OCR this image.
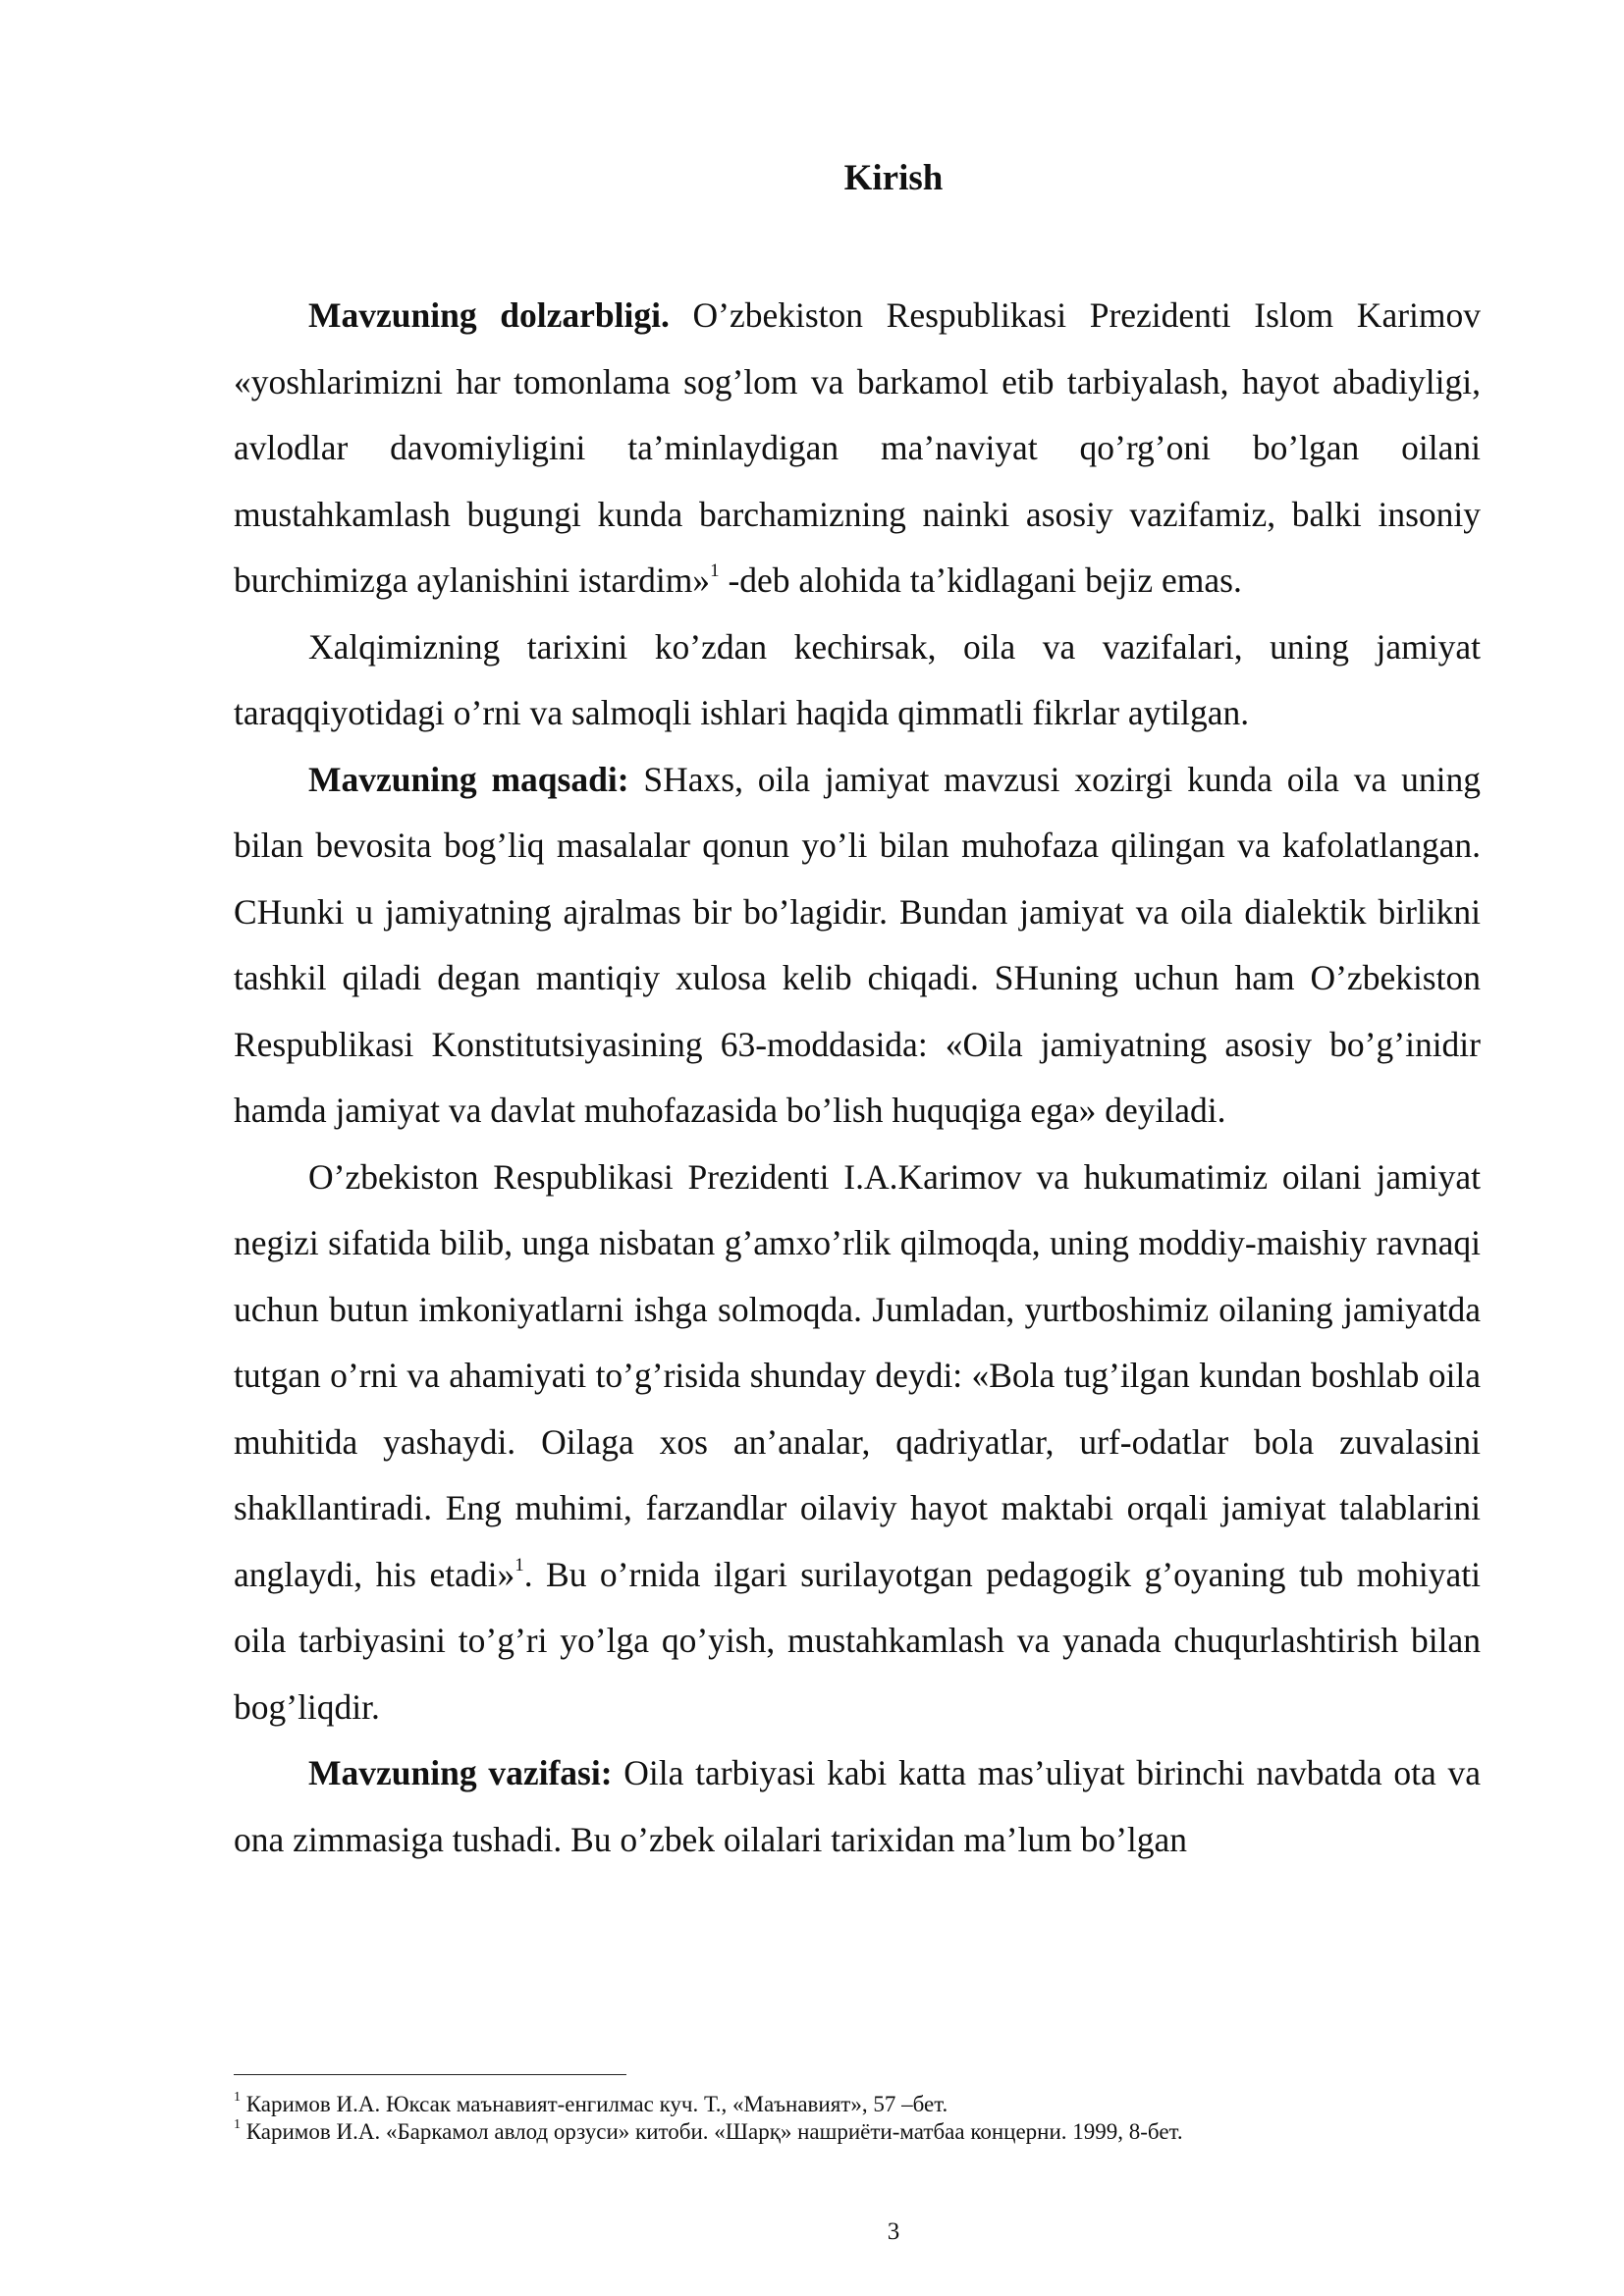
Kirish

Mavzuning dolzarbligi. O’zbekiston Respublikasi Prezidenti Islom Karimov «yoshlarimizni har tomonlama sog’lom va barkamol etib tarbiyalash, hayot abadiyligi, avlodlar davomiyligini ta’minlaydigan ma’naviyat qo’rg’oni bo’lgan oilani mustahkamlash bugungi kunda barchamizning nainki asosiy vazifamiz, balki insoniy burchimizga aylanishini istardim»$^1$ -deb alohida ta’kidlagani bejiz emas.

Xalqimizning tarixini ko’zdan kechirsak, oila va vazifalari, uning jamiyat taraqqiyotidagi o’rni va salmoqli ishlari haqida qimmatli fikrlar aytilgan.

Mavzuning maqsadi: SHaxs, oila jamiyat mavzusi xozirgi kunda oila va uning bilan bevosita bog’liq masalalar qonun yo’li bilan muhofaza qilingan va kafolatlangan. CHunki u jamiyatning ajralmas bir bo’lagidir. Bundan jamiyat va oila dialektik birlikni tashkil qiladi degan mantiqiy xulosa kelib chiqadi. SHuning uchun ham O’zbekiston Respublikasi Konstitutsiyasining 63-moddasida: «Oila jamiyatning asosiy bo’g’inidir hamda jamiyat va davlat muhofazasida bo’lish huquqiga ega» deyiladi.

O’zbekiston Respublikasi Prezidenti I.A.Karimov va hukumatimiz oilani jamiyat negizi sifatida bilib, unga nisbatan g’amxo’rlik qilmoqda, uning moddiy-maishiy ravnaqi uchun butun imkoniyatlarni ishga solmoqda. Jumladan, yurtboshimiz oilaning jamiyatda tutgan o’rni va ahamiyati to’g’risida shunday deydi: «Bola tug’ilgan kundan boshlab oila muhitida yashaydi. Oilaga xos an’analar, qadriyatlar, urf-odatlar bola zuvalasini shakllantiradi. Eng muhimi, farzandlar oilaviy hayot maktabi orqali jamiyat talablarini anglaydi, his etadi»$^1$. Bu o’rnida ilgari surilayotgan pedagogik g’oyaning tub mohiyati oila tarbiyasini to’g’ri yo’lga qo’yish, mustahkamlash va yanada chuqurlashtirish bilan bog’liqdir.

Mavzuning vazifasi: Oila tarbiyasi kabi katta mas’uliyat birinchi navbatda ota va ona zimmasiga tushadi. Bu o’zbek oilalari tarixidan ma’lum bo’lgan

$^1$ Каримов И.А. Юксак маънавият-енгилмас куч. Т., «Маънавият», 57 –бет.
$^1$ Каримов И.А. «Баркамол авлод орзуси» китоби. «Шарқ» нашриёти-матбаа концерни. 1999, 8-бет.
3
